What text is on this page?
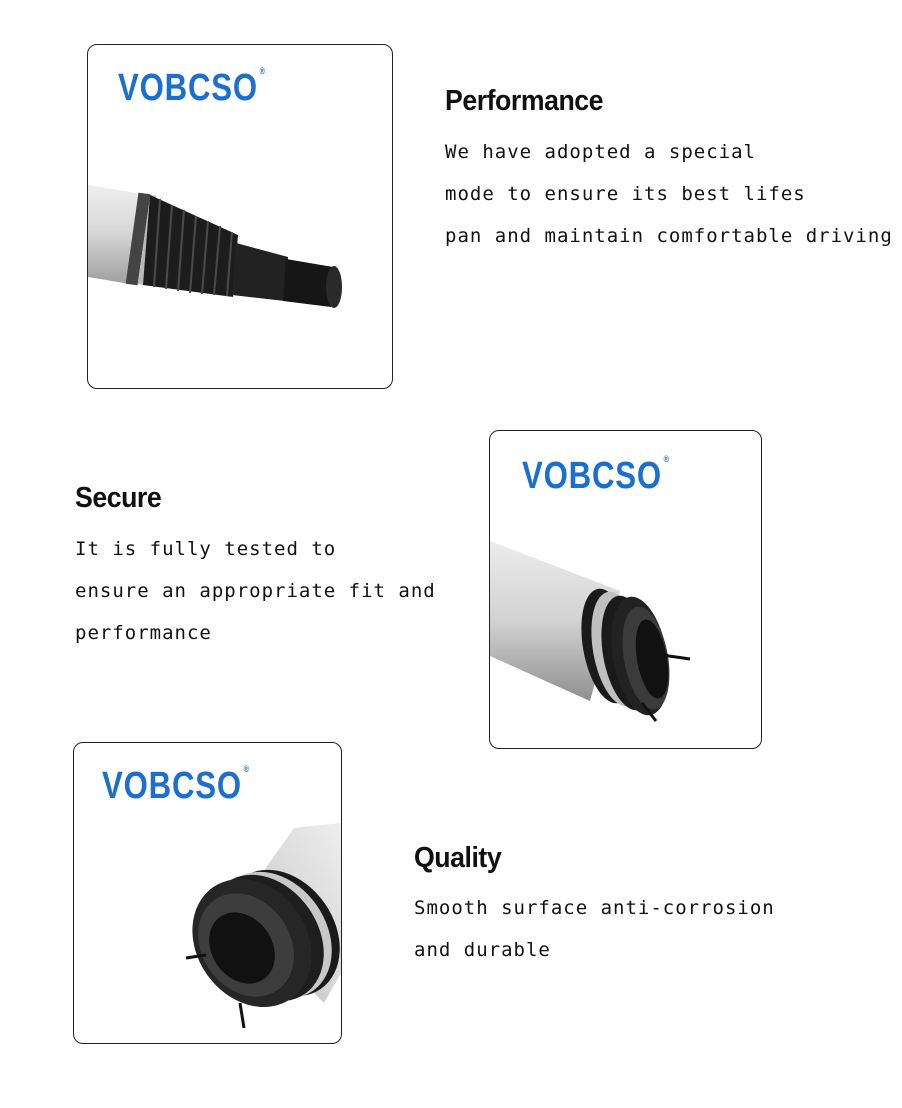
VOBCSO ®
Performance

We have adopted a special

mode to ensure its best lifes

pan and maintain comfortable driving

Secure

It is fully tested to

ensure an appropriate fit and

performance

VOBCSO ®
VOBCSO ®
Quality

Smooth surface anti-corrosion

and durable
